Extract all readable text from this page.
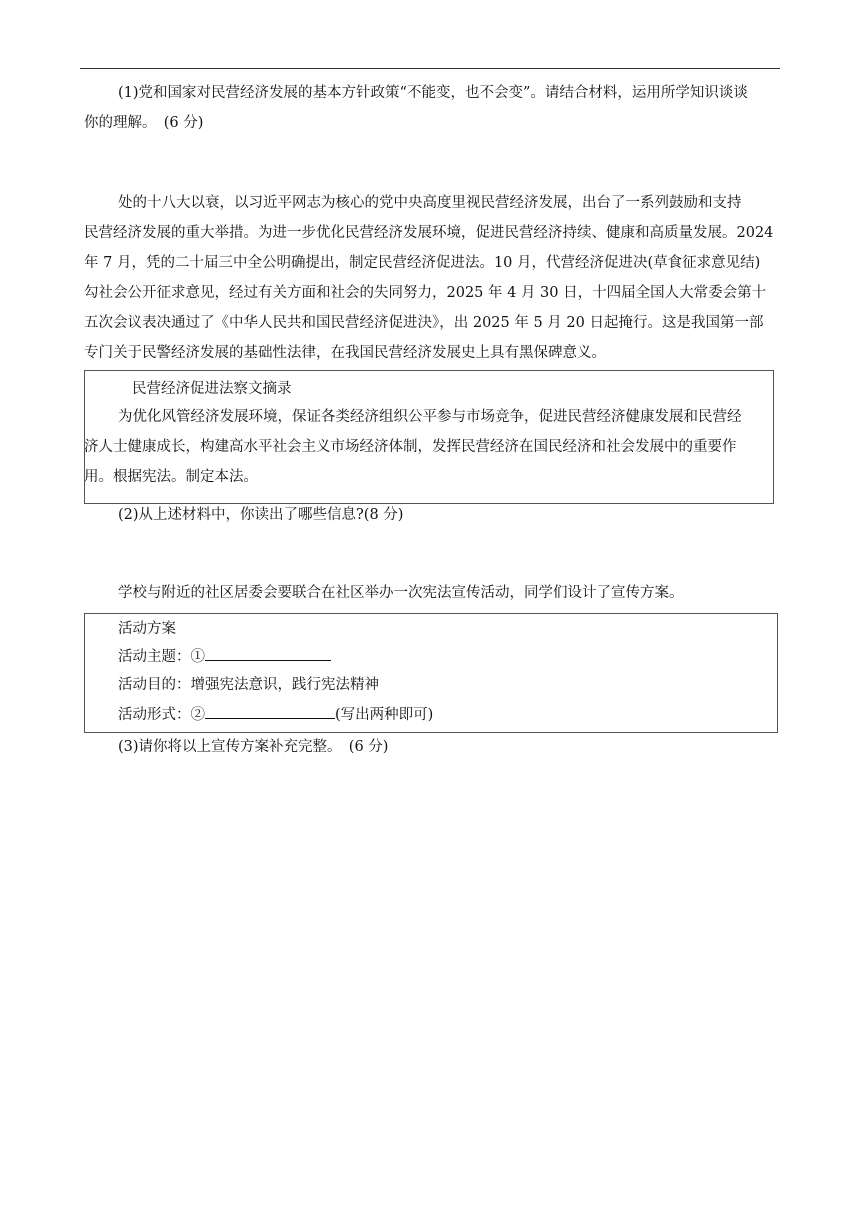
(1)党和国家对民营经济发展的基本方针政策“不能变，也不会变”。请结合材料，运用所学知识谈谈
你的理解。　(6 分)
处的十八大以衰，以习近平网志为核心的党中央高度里视民营经济发展，出台了一系列鼓励和支持
民营经济发展的重大举措。为进一步优化民营经济发展环境，促进民营经济持续、健康和高质量发展。2024
年 7 月，凭的二十届三中全公明确提出，制定民营经济促进法。10 月，代营经济促进决(草食征求意见结)
勾社会公开征求意见，经过有关方面和社会的失同努力，2025 年 4 月 30 日，十四届全国人大常委会第十
五次会议表决通过了《中华人民共和国民营经济促进決》，出 2025 年 5 月 20 日起掩行。这是我国第一部
专门关于民警经济发展的基础性法律，在我国民营经济发展史上具有黑保碑意义。
民营经济促进法察文摘录
为优化风管经济发展环境，保证各类经济组织公平参与市场竞争，促进民营经济健康发展和民营经
济人士健康成长，构建高水平社会主义市场经济体制，发挥民营经济在国民经济和社会发展中的重要作
用。根据宪法。制定本法。
(2)从上述材料中，你读出了哪些信息?(8 分)
学校与附近的社区居委会要联合在社区举办一次宪法宣传活动，同学们设计了宣传方案。
活动方案
活动主题：①
活动目的：增强宪法意识，践行宪法精神
活动形式：②	(写出两种即可)
(3)请你将以上宣传方案补充完整。　(6 分)
